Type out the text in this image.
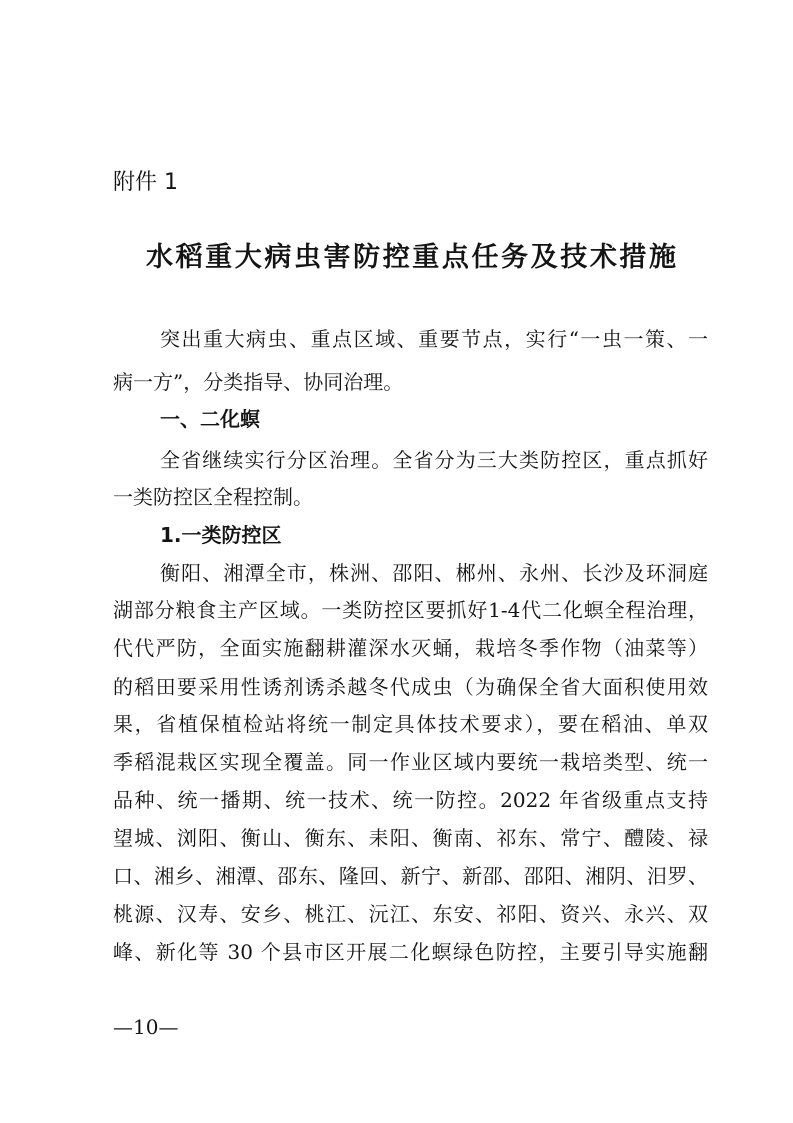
附件 1
水稻重大病虫害防控重点任务及技术措施
突出重大病虫、重点区域、重要节点，实行“一虫一策、一
病一方”，分类指导、协同治理。
一、二化螟
全省继续实行分区治理。全省分为三大类防控区，重点抓好
一类防控区全程控制。
1.一类防控区
衡阳、湘潭全市，株洲、邵阳、郴州、永州、长沙及环洞庭
湖部分粮食主产区域。一类防控区要抓好1-4代二化螟全程治理，
代代严防，全面实施翻耕灌深水灭蛹，栽培冬季作物（油菜等）
的稻田要采用性诱剂诱杀越冬代成虫（为确保全省大面积使用效
果，省植保植检站将统一制定具体技术要求），要在稻油、单双
季稻混栽区实现全覆盖。同一作业区域内要统一栽培类型、统一
品种、统一播期、统一技术、统一防控。2022 年省级重点支持
望城、浏阳、衡山、衡东、耒阳、衡南、祁东、常宁、醴陵、禄
口、湘乡、湘潭、邵东、隆回、新宁、新邵、邵阳、湘阴、汨罗、
桃源、汉寿、安乡、桃江、沅江、东安、祁阳、资兴、永兴、双
峰、新化等 30 个县市区开展二化螟绿色防控，主要引导实施翻
—10—
